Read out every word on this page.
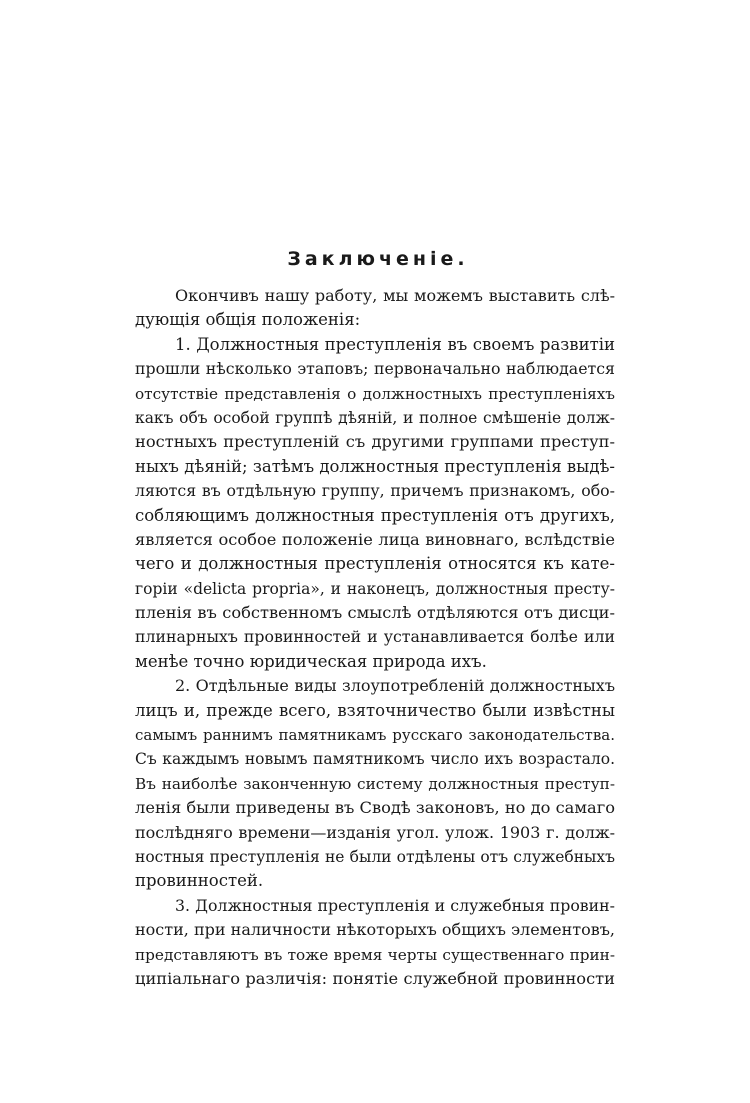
Заключеніе.
Окончивъ нашу работу, мы можемъ выставить слѣ-
дующія общія положенія:
1. Должностныя преступленія въ своемъ развитіи
прошли нѣсколько этаповъ; первоначально наблюдается
отсутствіе представленія о должностныхъ преступленіяхъ
какъ объ особой группѣ дѣяній, и полное смѣшеніе долж-
ностныхъ преступленій съ другими группами преступ-
ныхъ дѣяній; затѣмъ должностныя преступленія выдѣ-
ляются въ отдѣльную группу, причемъ признакомъ, обо-
собляющимъ должностныя преступленія отъ другихъ,
является особое положеніе лица виновнаго, вслѣдствіе
чего и должностныя преступленія относятся къ кате-
горіи «delicta proрria», и наконецъ, должностныя престу-
пленія въ собственномъ смыслѣ отдѣляются отъ дисци-
плинарныхъ провинностей и устанавливается болѣе или
менѣе точно юридическая природа ихъ.
2. Отдѣльные виды злоупотребленій должностныхъ
лицъ и, прежде всего, взяточничество были извѣстны
самымъ раннимъ памятникамъ русскаго законодательства.
Съ каждымъ новымъ памятникомъ число ихъ возрастало.
Въ наиболѣе законченную систему должностныя преступ-
ленія были приведены въ Сводѣ законовъ, но до самаго
послѣдняго времени—изданія угол. улож. 1903 г. долж-
ностныя преступленія не были отдѣлены отъ служебныхъ
провинностей.
3. Должностныя преступленія и служебныя провин-
ности, при наличности нѣкоторыхъ общихъ элементовъ,
представляютъ въ тоже время черты существеннаго прин-
ципіальнаго различія: понятіе служебной провинности
